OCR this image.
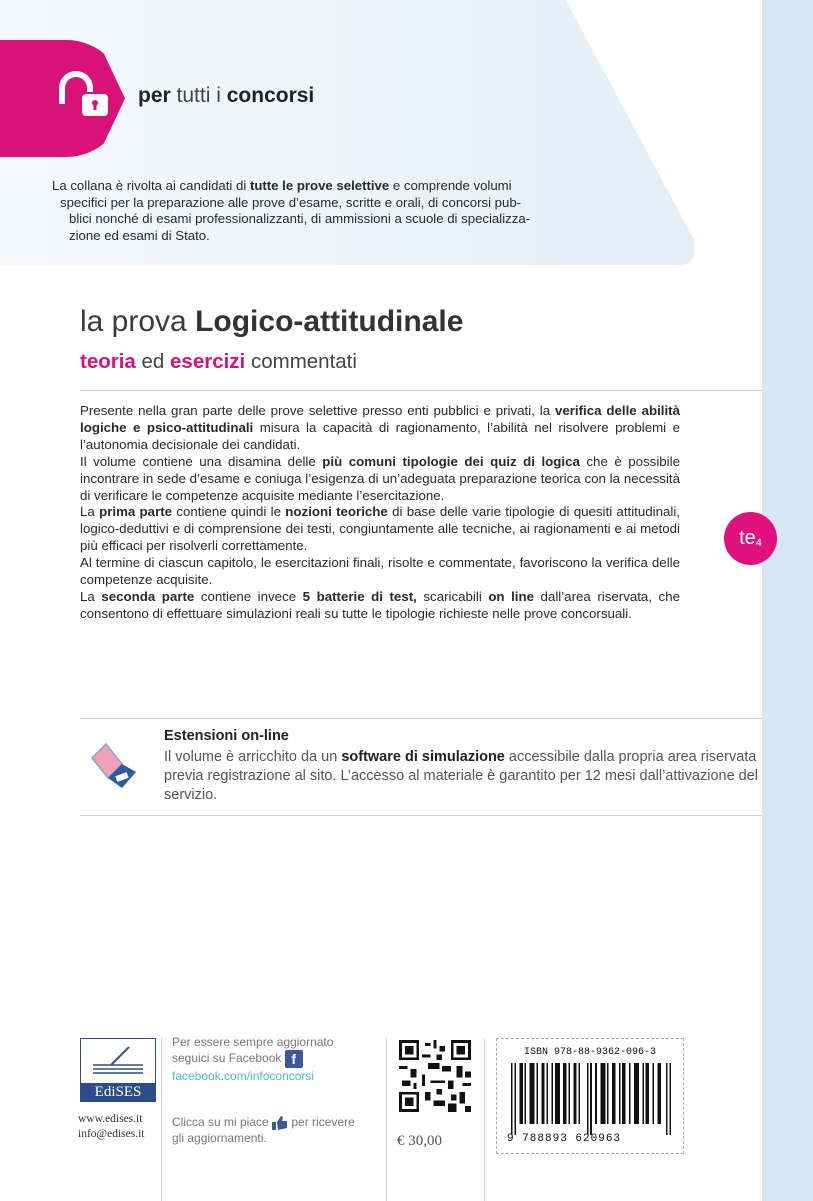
per tutti i concorsi
La collana è rivolta ai candidati di tutte le prove selettive e comprende volumi
specifici per la preparazione alle prove d’esame, scritte e orali, di concorsi pub-
blici nonché di esami professionalizzanti, di ammissioni a scuole di specializza-
zione ed esami di Stato.
la prova Logico-attitudinale
teoria ed esercizi commentati

Presente nella gran parte delle prove selettive presso enti pubblici e privati, la verifica delle abilità logiche e psico-attitudinali misura la capacità di ragionamento, l’abilità nel risolvere problemi e l’autonomia decisionale dei candidati.

Il volume contiene una disamina delle più comuni tipologie dei quiz di logica che è possibile incontrare in sede d’esame e coniuga l’esigenza di un’adeguata preparazione teorica con la necessità di verificare le competenze acquisite mediante l’esercitazione.

La prima parte contiene quindi le nozioni teoriche di base delle varie tipologie di quesiti attitudinali, logico-deduttivi e di comprensione dei testi, congiuntamente alle tecniche, ai ragionamenti e ai metodi più efficaci per risolverli correttamente.

Al termine di ciascun capitolo, le esercitazioni finali, risolte e commentate, favoriscono la verifica delle competenze acquisite.

La seconda parte contiene invece 5 batterie di test, scaricabili on line dall’area riservata, che consentono di effettuare simulazioni reali su tutte le tipologie richieste nelle prove concorsuali.

$te_4$
Estensioni on-line
Il volume è arricchito da un software di simulazione accessibile dalla propria area riservata previa registrazione al sito. L’accesso al materiale è garantito per 12 mesi dall’attivazione del servizio.
EdiSES
www.edises.it
info@edises.it
Per essere sempre aggiornato
seguici su Facebook f
facebook.com/infoconcorsi
Clicca su mi piace  per ricevere
gli aggiornamenti.	€ 30,00
ISBN 978-88-9362-096-3
9 788893 620963
